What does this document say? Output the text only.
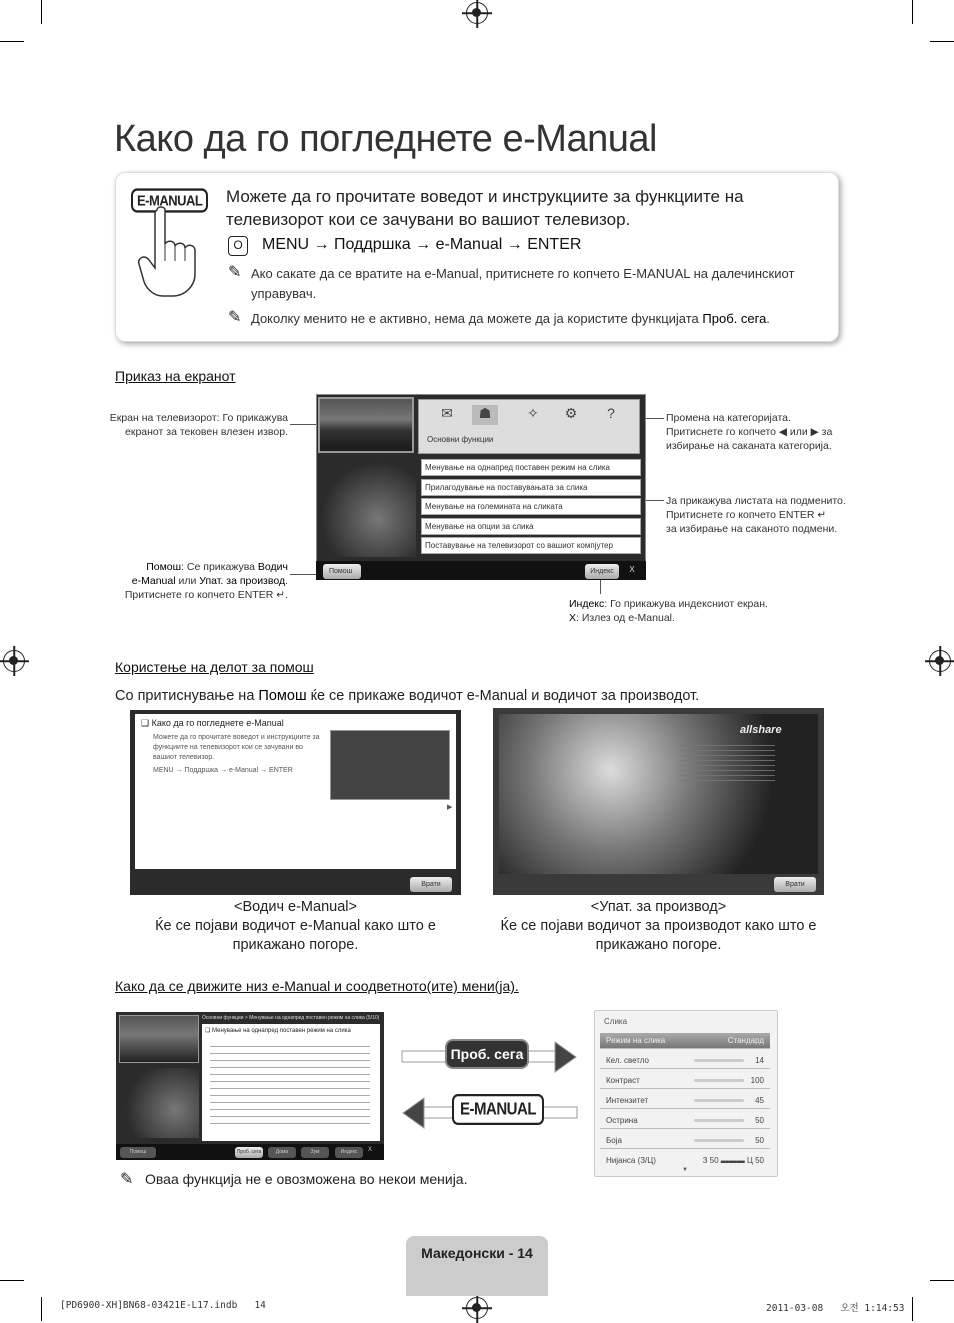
Како да го погледнете e-Manual
E-MANUAL	Можете да го прочитате воведот и инструкциите за функциите на телевизорот кои се зачувани во вашиот телевизор.
O	MENU → Поддршка → e-Manual → ENTER
✎ Ако сакате да се вратите на e-Manual, притиснете го копчето E-MANUAL на далечинскиот управувач.
✎ Доколку менито не е активно, нема да можете да ја користите функцијата Проб. сега.
Приказ на екранот
Екран на телевизорот: Го прикажува
екранот за тековен влезен извор.
Помош: Се прикажува Водич
e-Manual или Упат. за производ.
Притиснете го копчето ENTER ↵.
✉	☗	✧	⚙	?
Основни функции
Менување на однапред поставен режим на слика
Прилагодување на поставувањата за слика
Менување на големината на сликата
Менување на опции за слика
Поставување на телевизорот со вашиот компјутер
Помош	Индекс	X
Промена на категоријата.
Притиснете го копчето ◀ или ▶ за
избирање на саканата категорија.
Ја прикажува листата на подменито.
Притиснете го копчето ENTER ↵
за избирање на саканото подмени.
Индекс: Го прикажува индексниот екран.
X: Излез од e-Manual.
Користење на делот за помош
Со притиснување на Помош ќе се прикаже водичот e-Manual и водичот за производот.
❑ Како да го погледнете e-Manual
Можете да го прочитате воведот и инструкциите за функциите на телевизорот кои се зачувани во вашиот телевизор.
MENU → Поддршка → e-Manual → ENTER
▶
Врати
allshare
Врати
<Водич e-Manual>
Ќе се појави водичот e-Manual како што е прикажано погоре.
<Упат. за производ>
Ќе се појави водичот за производот како што е прикажано погоре.
Како да се движите низ e-Manual и соодветното(ите) мени(ја).
Основни функции > Менување на однапред поставен режим на слика (5/10)
❑ Менување на однапред поставен режим на слика
Помош	Проб. сега	Дома	Зум	Индекс	X
Проб. сега
E-MANUAL
Слика
Режим на слика	Стандард
Кел. светло	14
Контраст	100
Интензитет	45
Острина	50
Боја	50
Нијанса (З/Ц)	З 50 ▬▬▬ Ц 50
▼
✎ Оваа функција не е овозможена во некои менија.
Македонски - 14
[PD6900-XH]BN68-03421E-L17.indb   14	2011-03-08   오전 1:14:53
